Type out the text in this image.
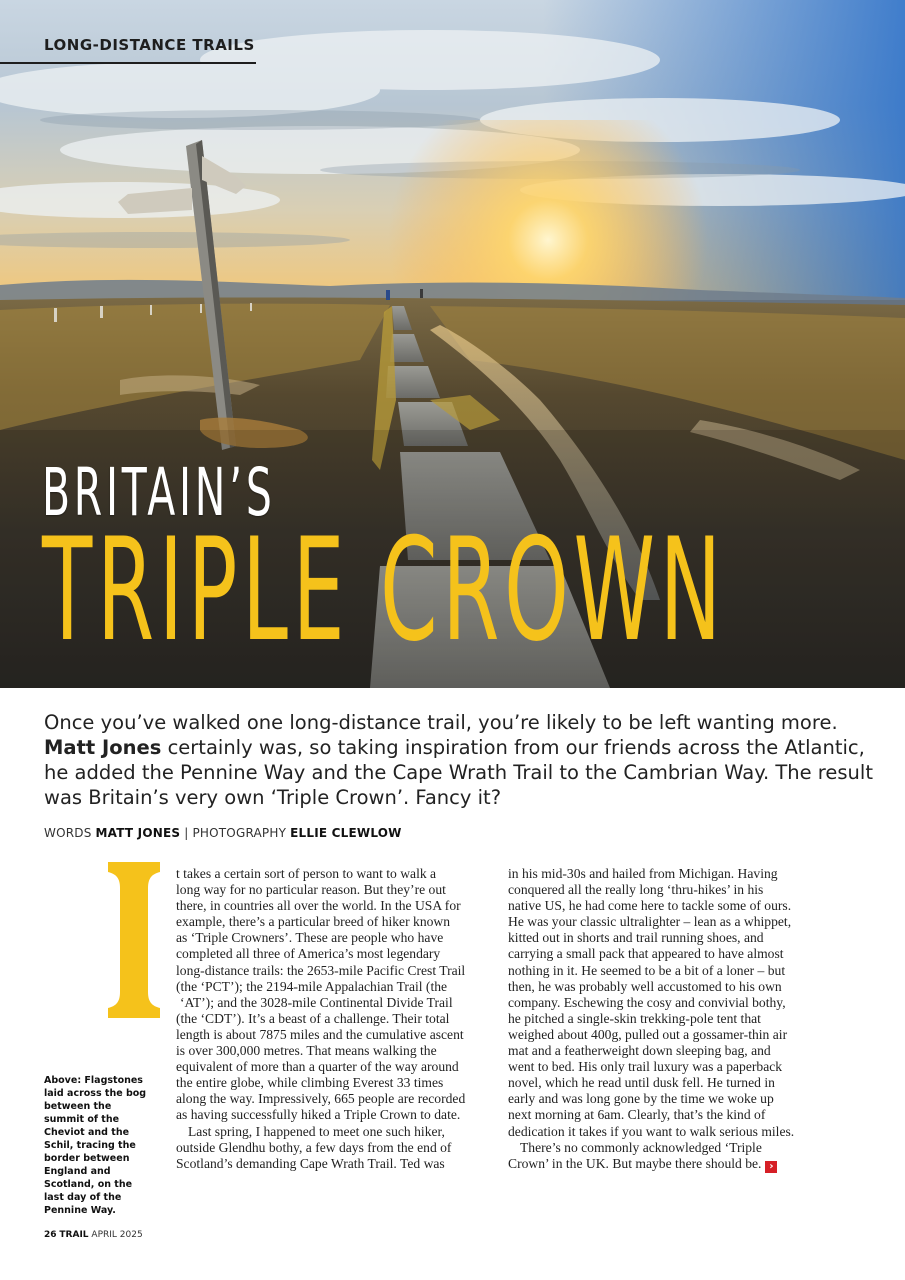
LONG-DISTANCE TRAILS
BRITAIN’S
TRIPLE CROWN
Once you’ve walked one long-distance trail, you’re likely to be left wanting more. Matt Jones certainly was, so taking inspiration from our friends across the Atlantic, he added the Pennine Way and the Cape Wrath Trail to the Cambrian Way. The result was Britain’s very own ‘Triple Crown’. Fancy it?
WORDS MATT JONES | PHOTOGRAPHY ELLIE CLEWLOW
Above: Flagstones laid across the bog between the summit of the Cheviot and the Schil, tracing the border between England and Scotland, on the last day of the Pennine Way.
t takes a certain sort of person to want to walk a
long way for no particular reason. But they’re out
there, in countries all over the world. In the USA for
example, there’s a particular breed of hiker known
as ‘Triple Crowners’. These are people who have
completed all three of America’s most legendary
long-distance trails: the 2653-mile Pacific Crest Trail
(the ‘PCT’); the 2194-mile Appalachian Trail (the
‘AT’); and the 3028-mile Continental Divide Trail
(the ‘CDT’). It’s a beast of a challenge. Their total
length is about 7875 miles and the cumulative ascent
is over 300,000 metres. That means walking the
equivalent of more than a quarter of the way around
the entire globe, while climbing Everest 33 times
along the way. Impressively, 665 people are recorded
as having successfully hiked a Triple Crown to date.
Last spring, I happened to meet one such hiker,
outside Glendhu bothy, a few days from the end of
Scotland’s demanding Cape Wrath Trail. Ted was
in his mid-30s and hailed from Michigan. Having
conquered all the really long ‘thru-hikes’ in his
native US, he had come here to tackle some of ours.
He was your classic ultralighter – lean as a whippet,
kitted out in shorts and trail running shoes, and
carrying a small pack that appeared to have almost
nothing in it. He seemed to be a bit of a loner – but
then, he was probably well accustomed to his own
company. Eschewing the cosy and convivial bothy,
he pitched a single-skin trekking-pole tent that
weighed about 400g, pulled out a gossamer-thin air
mat and a featherweight down sleeping bag, and
went to bed. His only trail luxury was a paperback
novel, which he read until dusk fell. He turned in
early and was long gone by the time we woke up
next morning at 6am. Clearly, that’s the kind of
dedication it takes if you want to walk serious miles.
There’s no commonly acknowledged ‘Triple
Crown’ in the UK. But maybe there should be. ›
26 TRAIL APRIL 2025
